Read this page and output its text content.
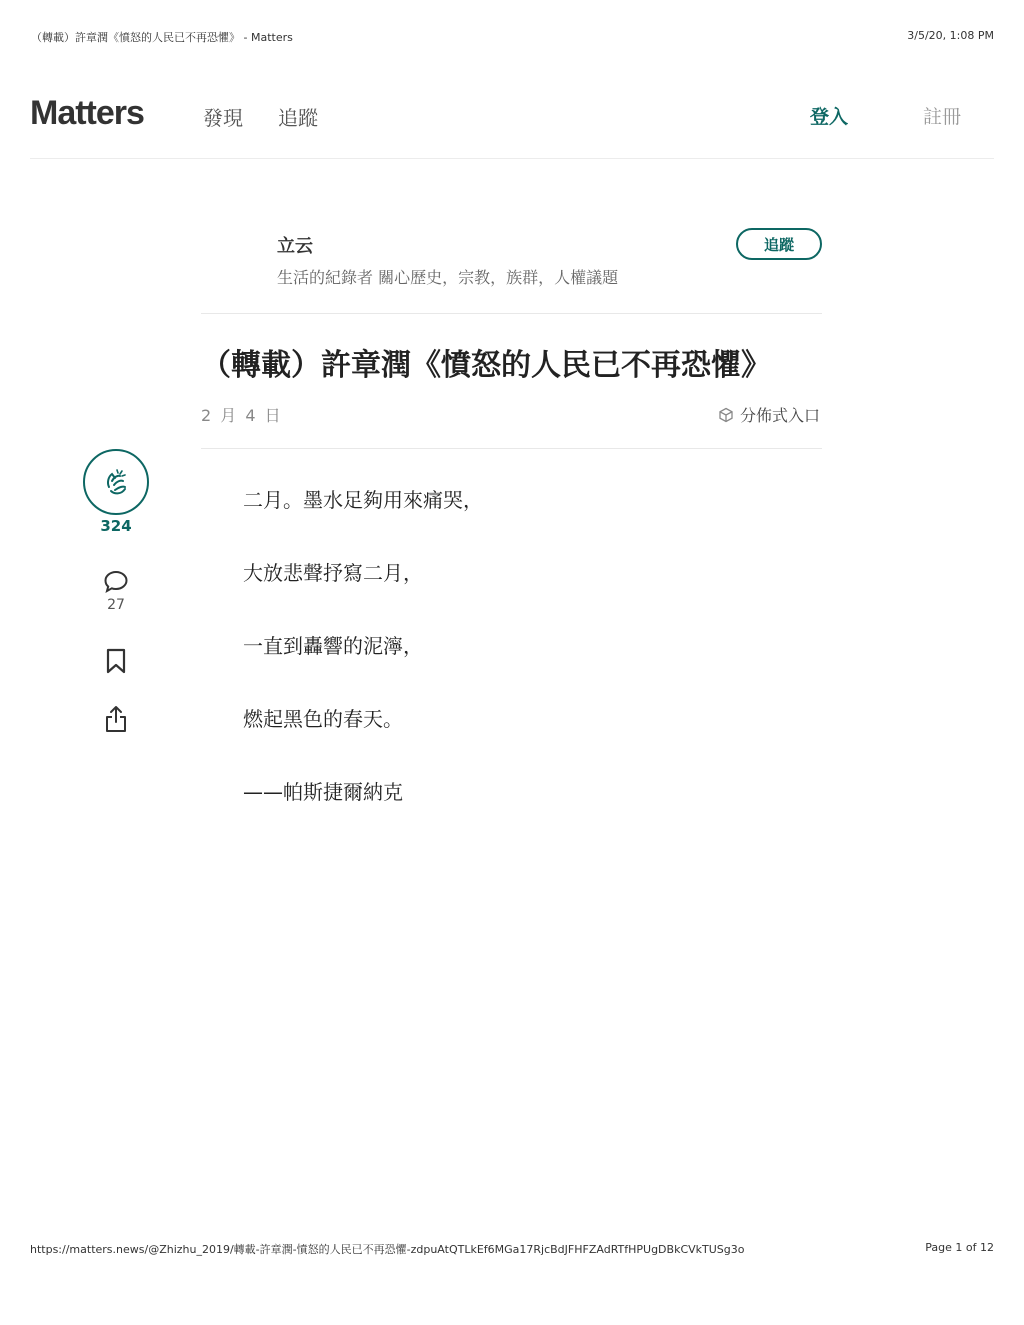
（轉載）許章潤《憤怒的人民已不再恐懼》 - Matters	3/5/20, 1:08 PM
Matters	發現 追蹤	登入	註冊
立云
生活的紀錄者 關心歷史，宗教，族群，人權議題
追蹤
（轉載）許章潤《憤怒的人民已不再恐懼》
2 月 4 日	分佈式入口
324
27

二月。墨水足夠用來痛哭，

大放悲聲抒寫二月，

一直到轟響的泥濘，

燃起黑色的春天。

——帕斯捷爾納克

https://matters.news/@Zhizhu_2019/轉載-許章潤-憤怒的人民已不再恐懼-zdpuAtQTLkEf6MGa17RjcBdJFHFZAdRTfHPUgDBkCVkTUSg3o	Page 1 of 12
